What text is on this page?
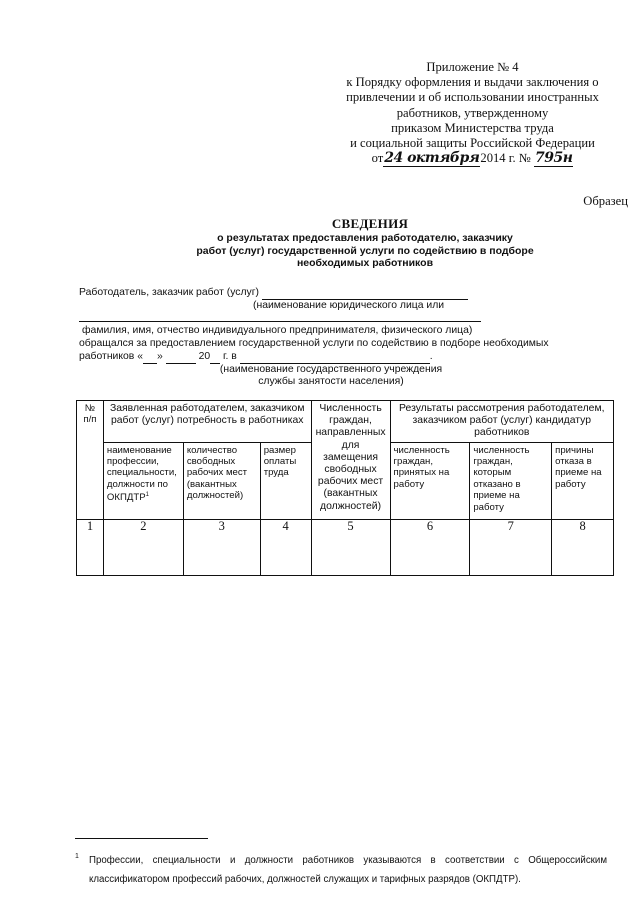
Приложение № 4
к Порядку оформления и выдачи заключения о
привлечении и об использовании иностранных
работников, утвержденному
приказом Министерства труда
и социальной защиты Российской Федерации
от24 октября2014 г. № 795н
Образец
СВЕДЕНИЯ
о результатах предоставления работодателю, заказчику
работ (услуг) государственной услуги по содействию в подборе
необходимых работников
Работодатель, заказчик работ (услуг)
(наименование юридического лица или
фамилия, имя, отчество индивидуального предпринимателя, физического лица)
обращался за предоставлением государственной услуги по содействию в подборе необходимых
работников « »	20 г. в	.
(наименование государственного учреждения
службы занятости населения)
№ п/п	Заявленная работодателем, заказчиком работ (услуг) потребность в работниках			Численность граждан, направленных для замещения свободных рабочих мест (вакантных должностей)	Результаты рассмотрения работодателем, заказчиком работ (услуг) кандидатур работников		
	наименование профессии, специальности, должности по ОКПДТР$^1$	количество свободных рабочих мест (вакантных должностей)	размер оплаты труда		численность граждан, принятых на работу	численность граждан, которым отказано в приеме на работу	причины отказа в приеме на работу
1	2	3	4	5	6	7	8
1	Профессии, специальности и должности работников указываются в соответствии с Общероссийским классификатором профессий рабочих, должностей служащих и тарифных разрядов (ОКПДТР).
